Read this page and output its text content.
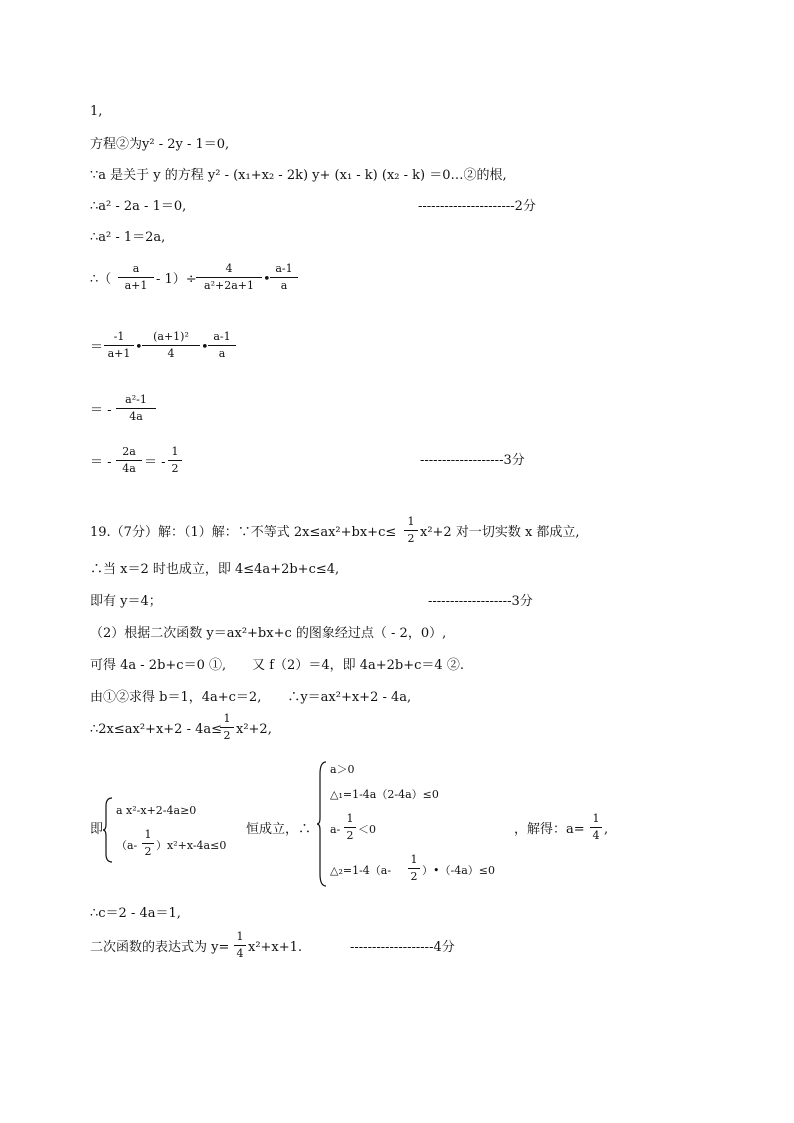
1,
方程②为y² - 2y - 1＝0,
∵a 是关于 y 的方程 y² - (x₁+x₂ - 2k) y+ (x₁ - k) (x₂ - k) ＝0…②的根,
∴a² - 2a - 1＝0,	----------------------2分
∴a² - 1＝2a,
∴（
a
a+1 - 1）÷
4
a²+2a+1 •
a-1
a
＝
-1
a+1 •
(a+1)²
4	•
a-1
a
＝ -
a²-1
4a
＝ -
2a
4a ＝ -
1
2
-------------------3分
19.（7分）解：（1）解：∵不等式 2x≤ax²+bx+c≤
1
2 x²+2 对一切实数 x 都成立,
∴当 x＝2 时也成立，即 4≤4a+2b+c≤4,
即有 y＝4；	-------------------3分
（2）根据二次函数 y＝ax²+bx+c 的图象经过点（ - 2，0）,
可得 4a - 2b+c＝0 ①,　　又 f（2）＝4，即 4a+2b+c＝4 ②.
由①②求得 b＝1，4a+c＝2,　　∴y＝ax²+x+2 - 4a,
∴2x≤ax²+x+2 - 4a≤
1
2 x²+2,
即
a x²-x+2-4a≥0
（a-
1
2 ）x²+x-4a≤0
恒成立，∴
a＞0
△₁=1-4a（2-4a）≤0
a-
1
2 ＜0
△₂=1-4（a-
1
2 ）•（-4a）≤0
，解得：a=
1
4 ,
∴c＝2 - 4a＝1,
二次函数的表达式为 y=
1
4 x²+x+1.	-------------------4分
